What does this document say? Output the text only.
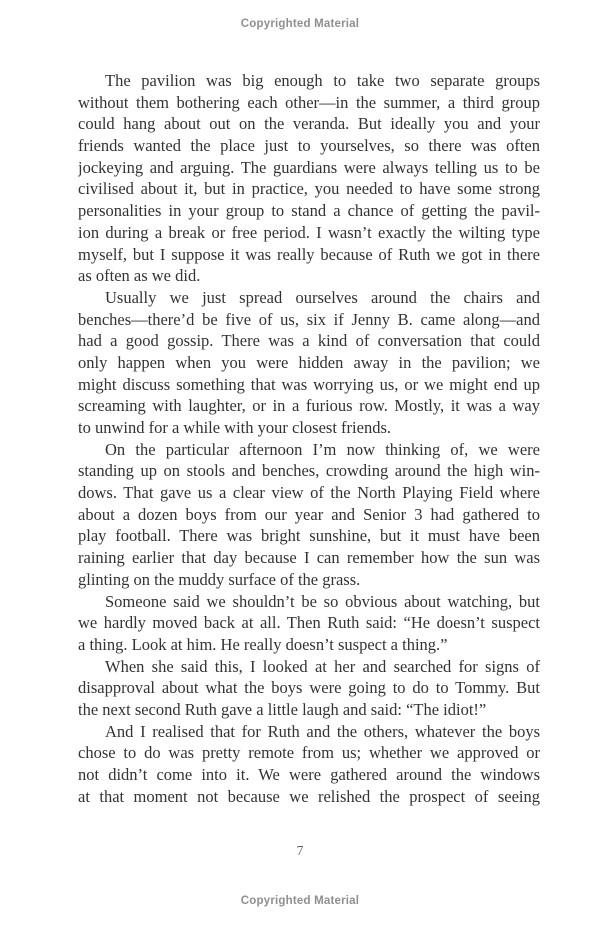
Copyrighted Material
The pavilion was big enough to take two separate groups
without them bothering each other—in the summer, a third group
could hang about out on the veranda. But ideally you and your
friends wanted the place just to yourselves, so there was often
jockeying and arguing. The guardians were always telling us to be
civilised about it, but in practice, you needed to have some strong
personalities in your group to stand a chance of getting the pavil-
ion during a break or free period. I wasn’t exactly the wilting type
myself, but I suppose it was really because of Ruth we got in there
as often as we did.
Usually we just spread ourselves around the chairs and
benches—there’d be five of us, six if Jenny B. came along—and
had a good gossip. There was a kind of conversation that could
only happen when you were hidden away in the pavilion; we
might discuss something that was worrying us, or we might end up
screaming with laughter, or in a furious row. Mostly, it was a way
to unwind for a while with your closest friends.
On the particular afternoon I’m now thinking of, we were
standing up on stools and benches, crowding around the high win-
dows. That gave us a clear view of the North Playing Field where
about a dozen boys from our year and Senior 3 had gathered to
play football. There was bright sunshine, but it must have been
raining earlier that day because I can remember how the sun was
glinting on the muddy surface of the grass.
Someone said we shouldn’t be so obvious about watching, but
we hardly moved back at all. Then Ruth said: “He doesn’t suspect
a thing. Look at him. He really doesn’t suspect a thing.”
When she said this, I looked at her and searched for signs of
disapproval about what the boys were going to do to Tommy. But
the next second Ruth gave a little laugh and said: “The idiot!”
And I realised that for Ruth and the others, whatever the boys
chose to do was pretty remote from us; whether we approved or
not didn’t come into it. We were gathered around the windows
at that moment not because we relished the prospect of seeing
7
Copyrighted Material
